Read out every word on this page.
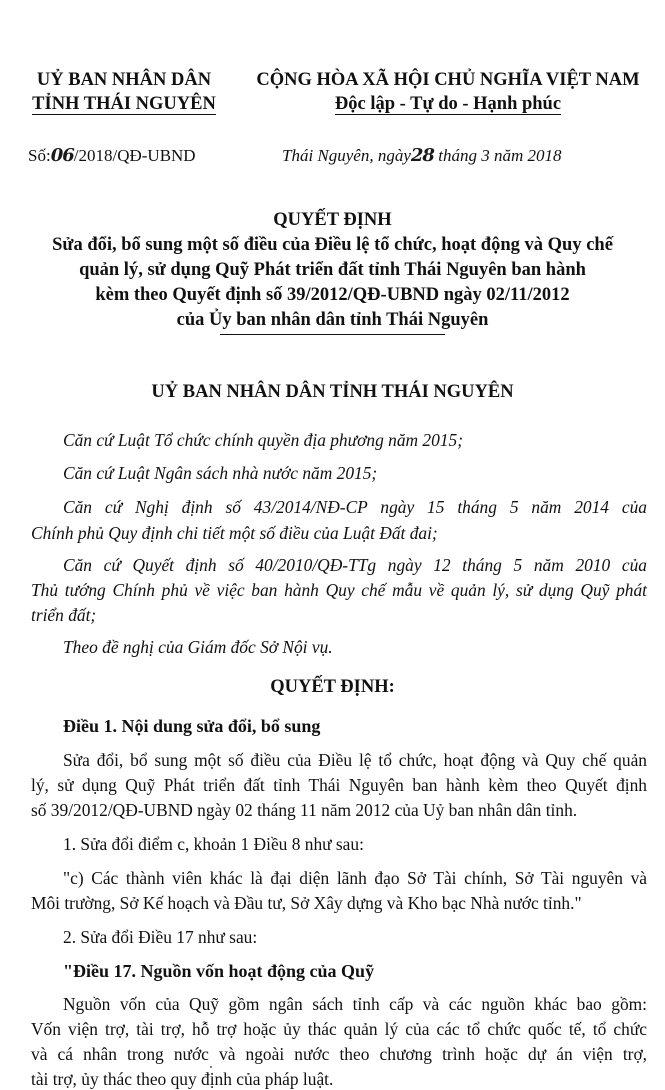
UỶ BAN NHÂN DÂN
TỈNH THÁI NGUYÊN
CỘNG HÒA XÃ HỘI CHỦ NGHĨA VIỆT NAM
Độc lập - Tự do - Hạnh phúc
Số:06/2018/QĐ-UBND	Thái Nguyên, ngày28 tháng 3 năm 2018
QUYẾT ĐỊNH
Sửa đổi, bổ sung một số điều của Điều lệ tổ chức, hoạt động và Quy chế
quản lý, sử dụng Quỹ Phát triển đất tỉnh Thái Nguyên ban hành
kèm theo Quyết định số 39/2012/QĐ-UBND ngày 02/11/2012
của Ủy ban nhân dân tỉnh Thái Nguyên
UỶ BAN NHÂN DÂN TỈNH THÁI NGUYÊN
Căn cứ Luật Tổ chức chính quyền địa phương năm 2015;
Căn cứ Luật Ngân sách nhà nước năm 2015;
Căn cứ Nghị định số 43/2014/NĐ-CP ngày 15 tháng 5 năm 2014 của
Chính phủ Quy định chi tiết một số điều của Luật Đất đai;
Căn cứ Quyết định số 40/2010/QĐ-TTg ngày 12 tháng 5 năm 2010 của
Thủ tướng Chính phủ về việc ban hành Quy chế mẫu về quản lý, sử dụng Quỹ phát
triển đất;
Theo đề nghị của Giám đốc Sở Nội vụ.
QUYẾT ĐỊNH:
Điều 1. Nội dung sửa đổi, bổ sung
Sửa đổi, bổ sung một số điều của Điều lệ tổ chức, hoạt động và Quy chế quản
lý, sử dụng Quỹ Phát triển đất tỉnh Thái Nguyên ban hành kèm theo Quyết định
số 39/2012/QĐ-UBND ngày 02 tháng 11 năm 2012 của Uỷ ban nhân dân tỉnh.
1. Sửa đổi điểm c, khoản 1 Điều 8 như sau:
"c) Các thành viên khác là đại diện lãnh đạo Sở Tài chính, Sở Tài nguyên và
Môi trường, Sở Kế hoạch và Đầu tư, Sở Xây dựng và Kho bạc Nhà nước tỉnh."
2. Sửa đổi Điều 17 như sau:
"Điều 17. Nguồn vốn hoạt động của Quỹ
Nguồn vốn của Quỹ gồm ngân sách tỉnh cấp và các nguồn khác bao gồm:
Vốn viện trợ, tài trợ, hỗ trợ hoặc ủy thác quản lý của các tổ chức quốc tế, tổ chức
và cá nhân trong nước và ngoài nước theo chương trình hoặc dự án viện trợ,
tài trợ, ủy thác theo quy định của pháp luật.
